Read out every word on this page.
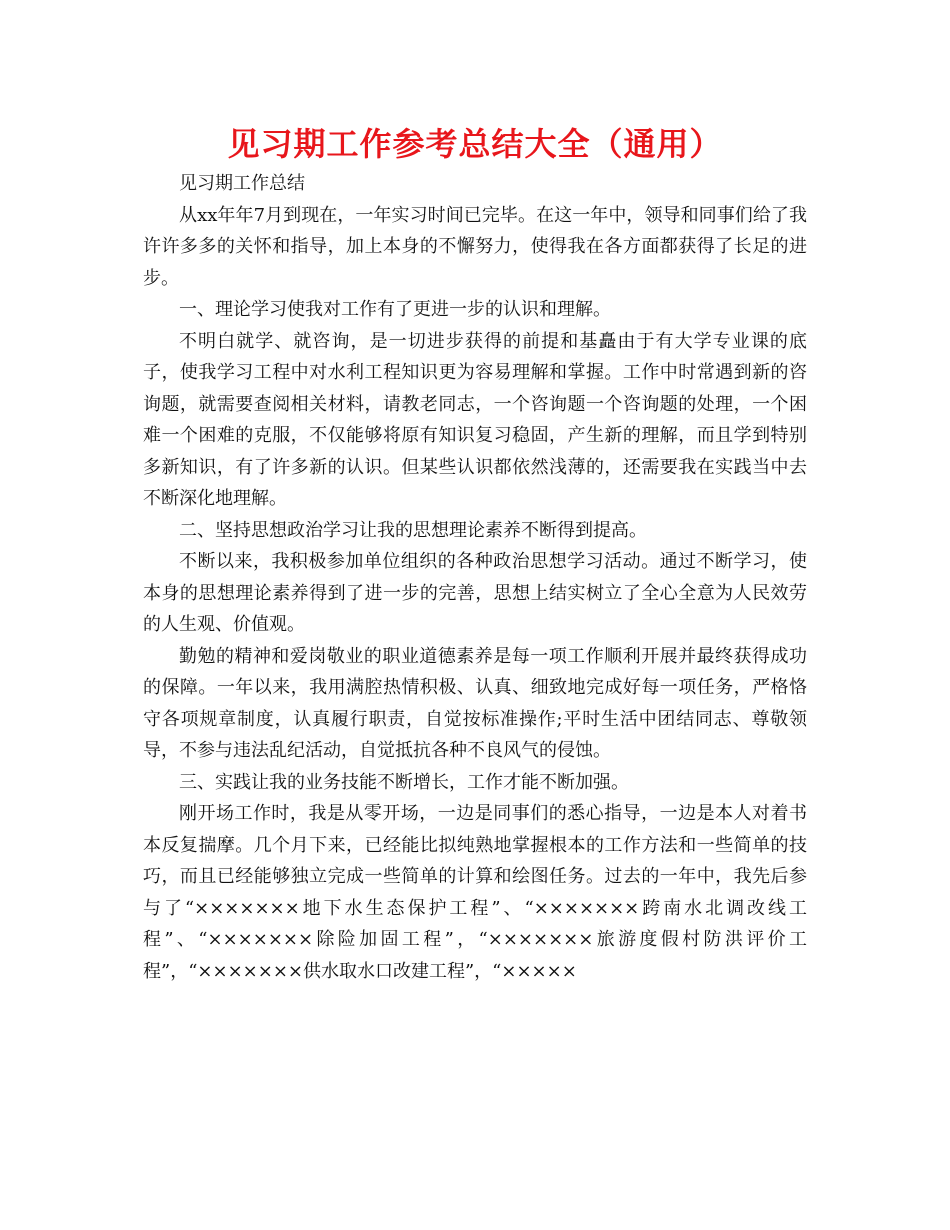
见习期工作参考总结大全（通用）

见习期工作总结

从xx年年7月到现在，一年实习时间已完毕。在这一年中，领导和同事们给了我许许多多的关怀和指导，加上本身的不懈努力，使得我在各方面都获得了长足的进步。

一、理论学习使我对工作有了更进一步的认识和理解。

不明白就学、就咨询，是一切进步获得的前提和基矗由于有大学专业课的底子，使我学习工程中对水利工程知识更为容易理解和掌握。工作中时常遇到新的咨询题，就需要查阅相关材料，请教老同志，一个咨询题一个咨询题的处理，一个困难一个困难的克服，不仅能够将原有知识复习稳固，产生新的理解，而且学到特别多新知识，有了许多新的认识。但某些认识都依然浅薄的，还需要我在实践当中去不断深化地理解。

二、坚持思想政治学习让我的思想理论素养不断得到提高。

不断以来，我积极参加单位组织的各种政治思想学习活动。通过不断学习，使本身的思想理论素养得到了进一步的完善，思想上结实树立了全心全意为人民效劳的人生观、价值观。

勤勉的精神和爱岗敬业的职业道德素养是每一项工作顺利开展并最终获得成功的保障。一年以来，我用满腔热情积极、认真、细致地完成好每一项任务，严格恪守各项规章制度，认真履行职责，自觉按标准操作;平时生活中团结同志、尊敬领导，不参与违法乱纪活动，自觉抵抗各种不良风气的侵蚀。

三、实践让我的业务技能不断增长，工作才能不断加强。

刚开场工作时，我是从零开场，一边是同事们的悉心指导，一边是本人对着书本反复揣摩。几个月下来，已经能比拟纯熟地掌握根本的工作方法和一些简单的技巧，而且已经能够独立完成一些简单的计算和绘图任务。过去的一年中，我先后参与了“×××××××地下水生态保护工程”、“×××××××跨南水北调改线工程”、“×××××××除险加固工程”，“×××××××旅游度假村防洪评价工程”，“×××××××供水取水口改建工程”，“×××××
